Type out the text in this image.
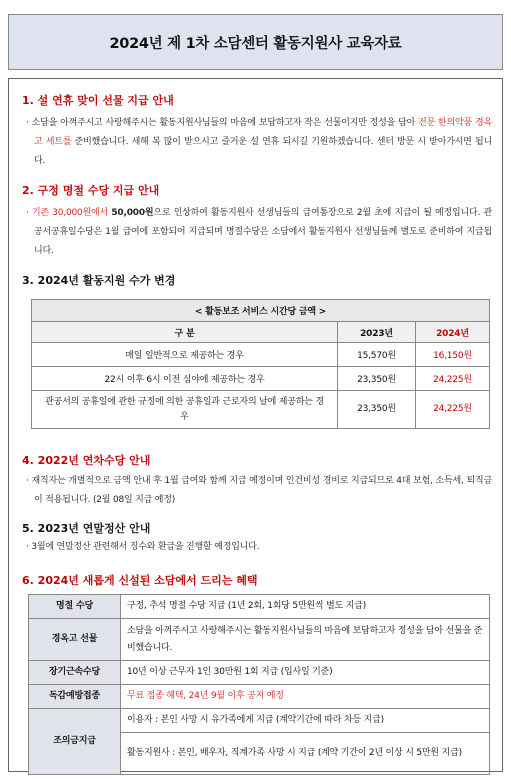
2024년 제 1차 소담센터 활동지원사 교육자료
1. 설 연휴 맞이 선물 지급 안내
· 소담을 아껴주시고 사랑해주시는 활동지원사님들의 마음에 보답하고자 작은 선물이지만 정성을 담아 전문 한의약품 경옥고 세트를 준비했습니다. 새해 복 많이 받으시고 즐거운 설 연휴 되시길 기원하겠습니다. 센터 방문 시 받아가시면 됩니다.
2. 구정 명절 수당 지급 안내
· 기존 30,000원에서 50,000원으로 인상하여 활동지원사 선생님들의 급여통장으로 2월 초에 지급이 될 예정입니다. 관공서공휴일수당은 1월 급여에 포함되어 지급되며 명절수당은 소담에서 활동지원사 선생님들께 별도로 준비하여 지급됩니다.
3. 2024년 활동지원 수가 변경
< 활동보조 서비스 시간당 금액 >		
구 분	2023년	2024년
매일 일반적으로 제공하는 경우	15,570원	16,150원
22시 이후 6시 이전 심야에 제공하는 경우	23,350원	24,225원
관공서의 공휴일에 관한 규정에 의한 공휴일과 근로자의 날에 제공하는 경우	23,350원	24,225원
4. 2022년 연차수당 안내
· 재직자는 개별적으로 금액 안내 후 1월 급여와 함께 지급 예정이며 인건비성 경비로 지급되므로 4대 보험, 소득세, 퇴직금이 적용됩니다. (2월 08일 지급 예정)
5. 2023년 연말정산 안내
· 3월에 연말정산 관련해서 징수와 환급을 진행할 예정입니다.
6. 2024년 새롭게 신설된 소담에서 드리는 혜택
명절 수당	구정, 추석 명절 수당 지급 (1년 2회, 1회당 5만원씩 별도 지급)
경옥고 선물	소담을 아껴주시고 사랑해주시는 활동지원사님들의 마음에 보답하고자 정성을 담아 선물을 준비했습니다.
장기근속수당	10년 이상 근무자 1인 30만원 1회 지급 (입사일 기준)
독감예방접종	무료 접종 혜택, 24년 9월 이후 공지 예정
조의금지급	이용자 : 본인 사망 시 유가족에게 지급 (계약기간에 따라 차등 지급)
	활동지원사 : 본인, 배우자, 직계가족 사망 시 지급 (계약 기간이 2년 이상 시 5만원 지급)
